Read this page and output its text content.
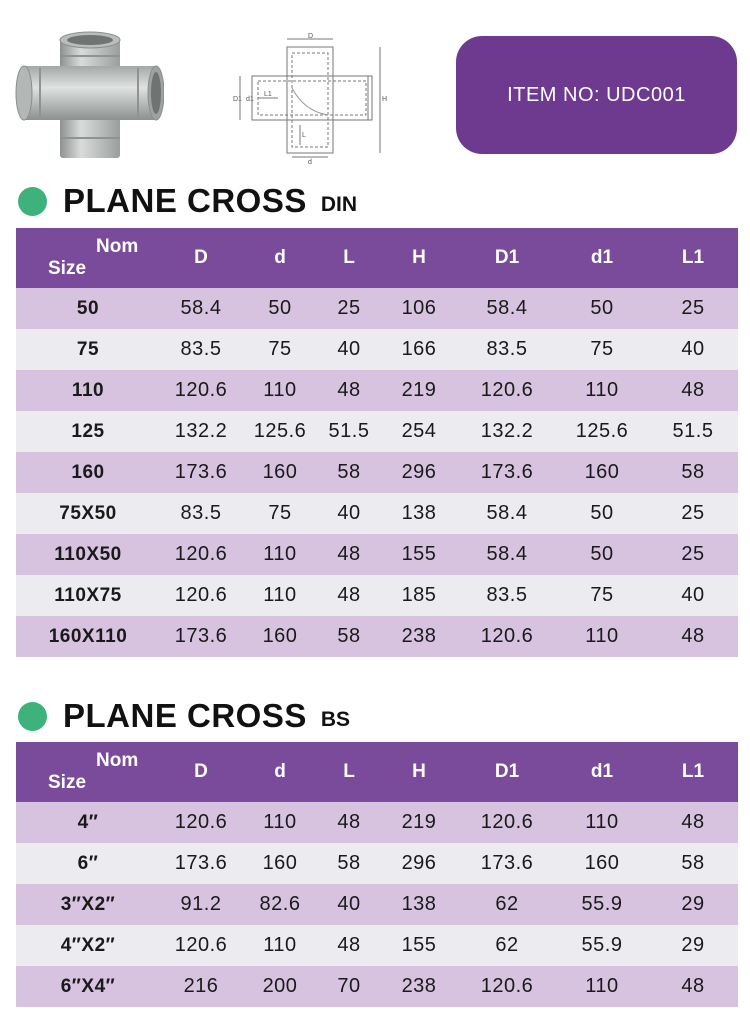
D
d
D1 d1
L1
L
H	ITEM NO: UDC001
PLANE CROSS DIN
Nom
Size	D	d	L	H	D1	d1	L1
50	58.4	50	25	106	58.4	50	25
75	83.5	75	40	166	83.5	75	40
110	120.6	110	48	219	120.6	110	48
125	132.2	125.6	51.5	254	132.2	125.6	51.5
160	173.6	160	58	296	173.6	160	58
75X50	83.5	75	40	138	58.4	50	25
110X50	120.6	110	48	155	58.4	50	25
110X75	120.6	110	48	185	83.5	75	40
160X110	173.6	160	58	238	120.6	110	48
PLANE CROSS BS
Nom
Size	D	d	L	H	D1	d1	L1
4″	120.6	110	48	219	120.6	110	48
6″	173.6	160	58	296	173.6	160	58
3″X2″	91.2	82.6	40	138	62	55.9	29
4″X2″	120.6	110	48	155	62	55.9	29
6″X4″	216	200	70	238	120.6	110	48
